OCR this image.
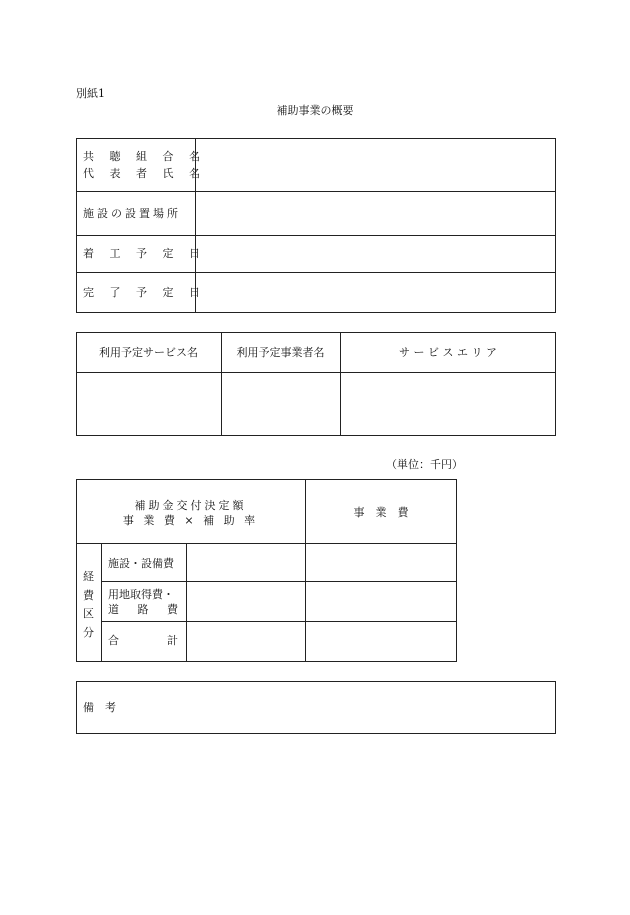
別紙1
補助事業の概要
共 聴 組 合 名
代 表 者 氏 名
施設の設置場所
着 工 予 定 日
完 了 予 定 日
利用予定サービス名	利用予定事業者名	サ ー ビ ス エ リ ア
（単位：千円）
補助金交付決定額
事 業 費 × 補 助 率
事　業　費
経
費
区
分
施設・設備費
用地取得費・
道　路　費
合　　　計
備　考
